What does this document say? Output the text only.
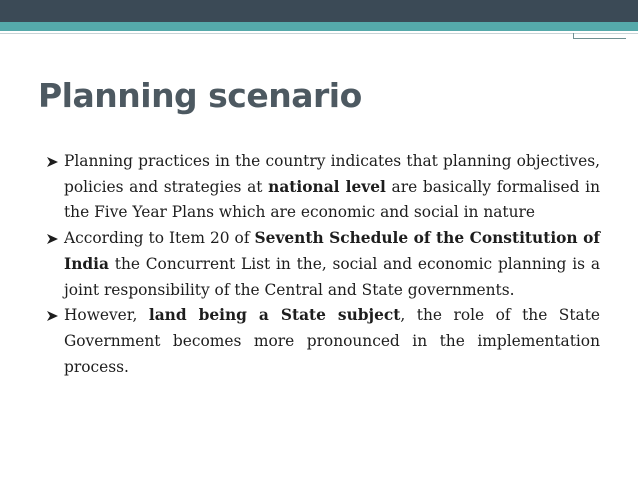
Planning scenario
Planning practices in the country indicates that planning objectives, policies and strategies at national level are basically formalised in the Five Year Plans which are economic and social in nature
According to Item 20 of Seventh Schedule of the Constitution of India the Concurrent List in the, social and economic planning is a joint responsibility of the Central and State governments.
However, land being a State subject, the role of the State Government becomes more pronounced in the implementation process.
